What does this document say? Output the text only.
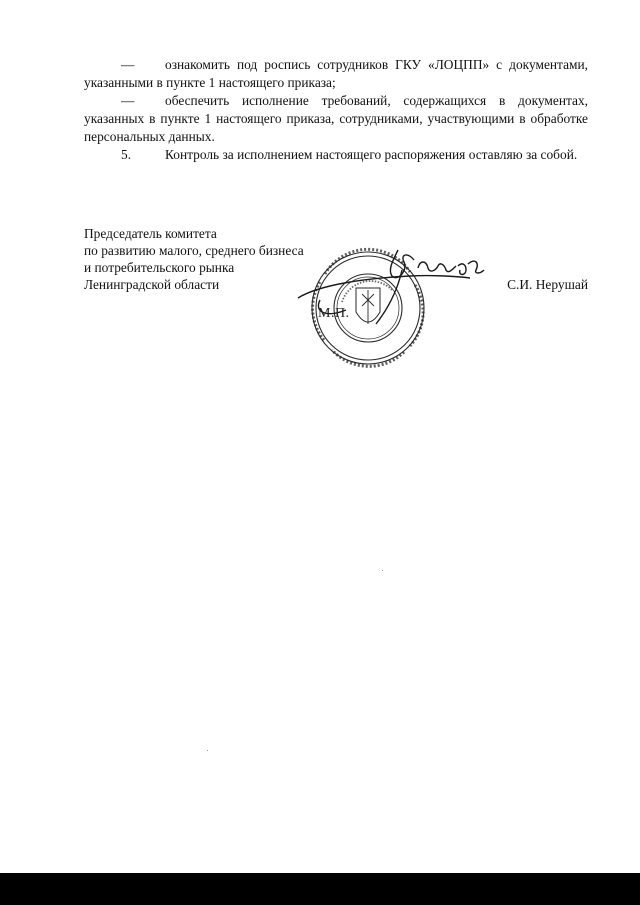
— ознакомить под роспись сотрудников ГКУ «ЛОЦПП» с документами, указанными в пункте 1 настоящего приказа;

— обеспечить исполнение требований, содержащихся в документах, указанных в пункте 1 настоящего приказа, сотрудниками, участвующими в обработке персональных данных.

5.	Контроль за исполнением настоящего распоряжения оставляю за собой.

Председатель комитета
по развитию малого, среднего бизнеса
и потребительского рынка
Ленинградской области	С.И. Нерушай
М.П.
